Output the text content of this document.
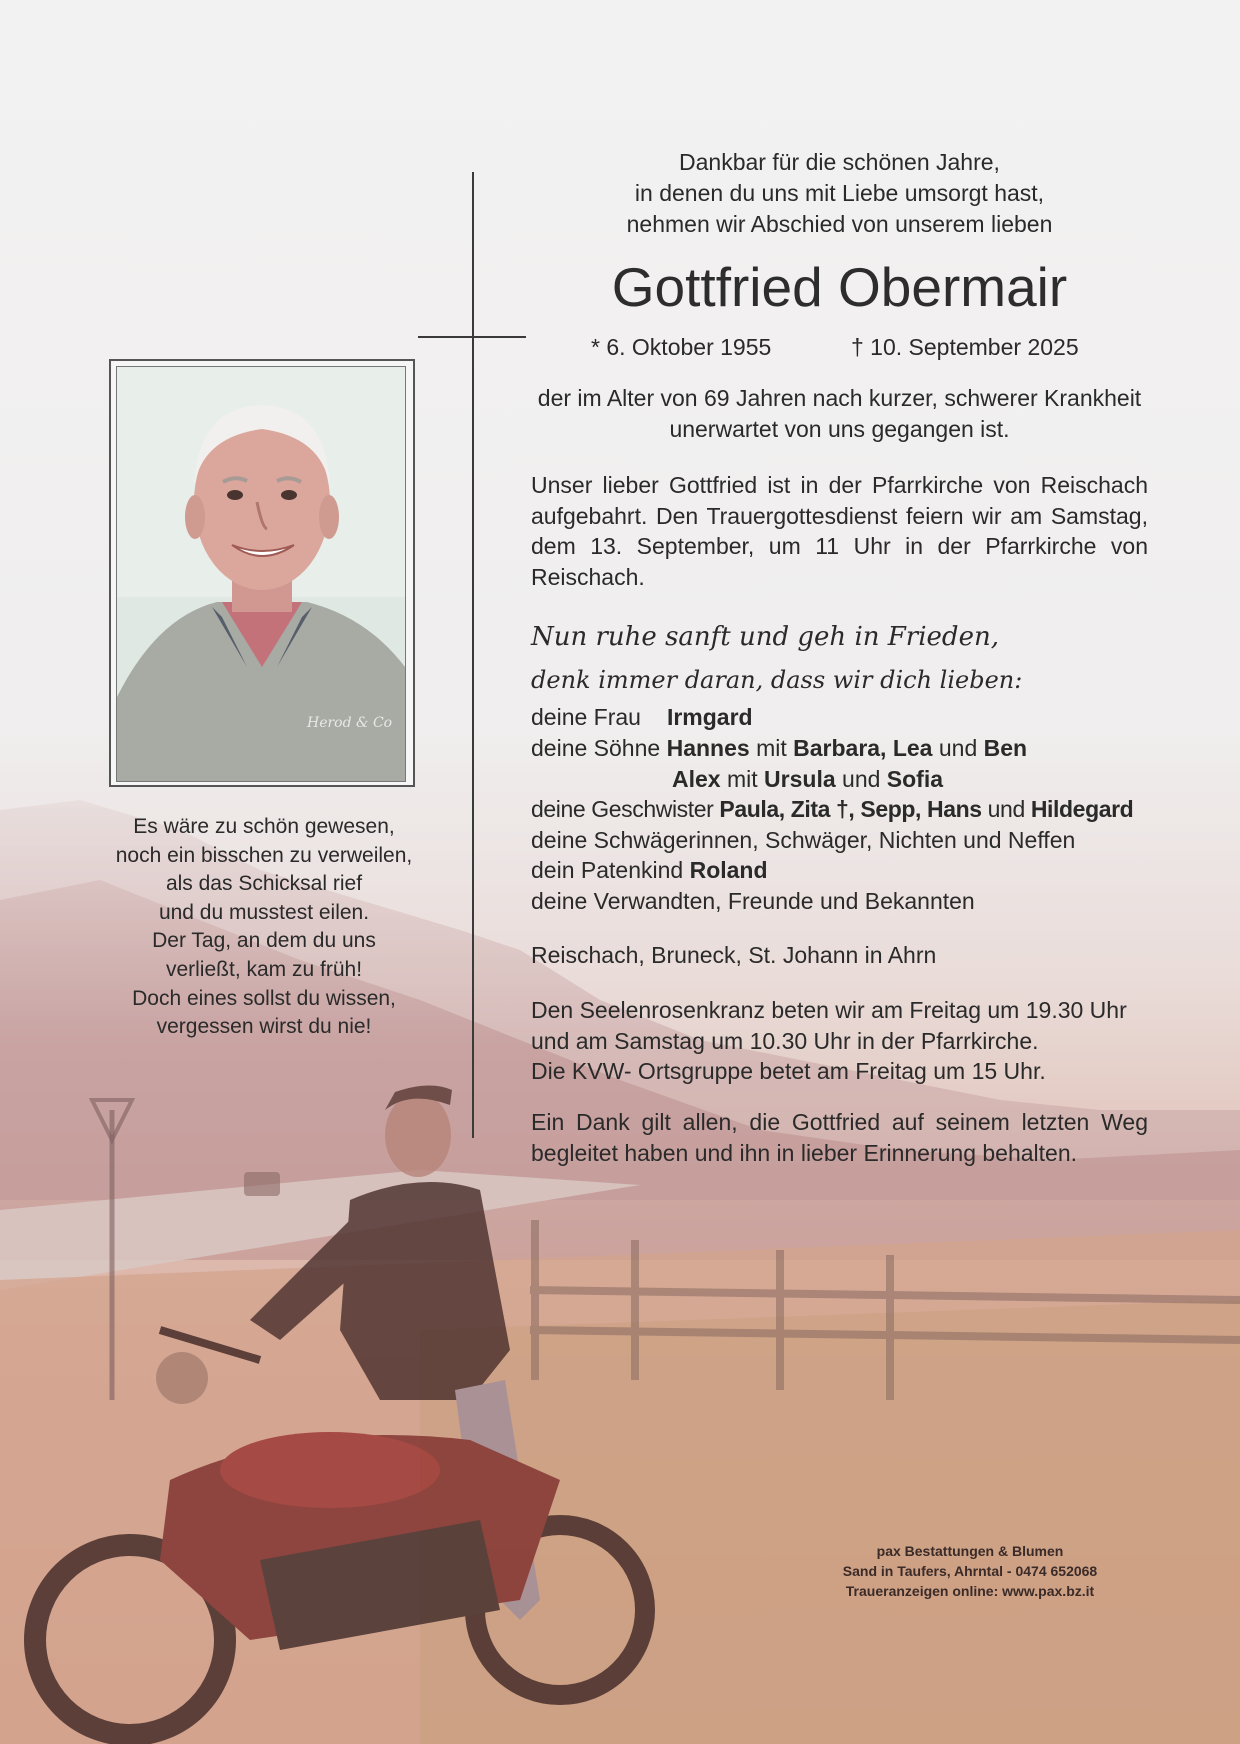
Herod & Co
Es wäre zu schön gewesen,
noch ein bisschen zu verweilen,
als das Schicksal rief
und du musstest eilen.
Der Tag, an dem du uns
verließt, kam zu früh!
Doch eines sollst du wissen,
vergessen wirst du nie!
Dankbar für die schönen Jahre,
in denen du uns mit Liebe umsorgt hast,
nehmen wir Abschied von unserem lieben
Gottfried Obermair
* 6. Oktober 1955	† 10. September 2025
der im Alter von 69 Jahren nach kurzer, schwerer Krankheit
unerwartet von uns gegangen ist.
Unser lieber Gottfried ist in der Pfarrkirche von Reischach aufgebahrt. Den Trauergottesdienst feiern wir am Samstag, dem 13. September, um 11 Uhr in der Pfarrkirche von Reischach.
Nun ruhe sanft und geh in Frieden,
denk immer daran, dass wir dich lieben:
deine Frau Irmgard
deine Söhne Hannes mit Barbara, Lea und Ben
Alex mit Ursula und Sofia
deine Geschwister Paula, Zita †, Sepp, Hans und Hildegard
deine Schwägerinnen, Schwäger, Nichten und Neffen
dein Patenkind Roland
deine Verwandten, Freunde und Bekannten
Reischach, Bruneck, St. Johann in Ahrn
Den Seelenrosenkranz beten wir am Freitag um 19.30 Uhr
und am Samstag um 10.30 Uhr in der Pfarrkirche.
Die KVW- Ortsgruppe betet am Freitag um 15 Uhr.
Ein Dank gilt allen, die Gottfried auf seinem letzten Weg begleitet haben und ihn in lieber Erinnerung behalten.
pax Bestattungen & Blumen
Sand in Taufers, Ahrntal - 0474 652068
Traueranzeigen online: www.pax.bz.it
